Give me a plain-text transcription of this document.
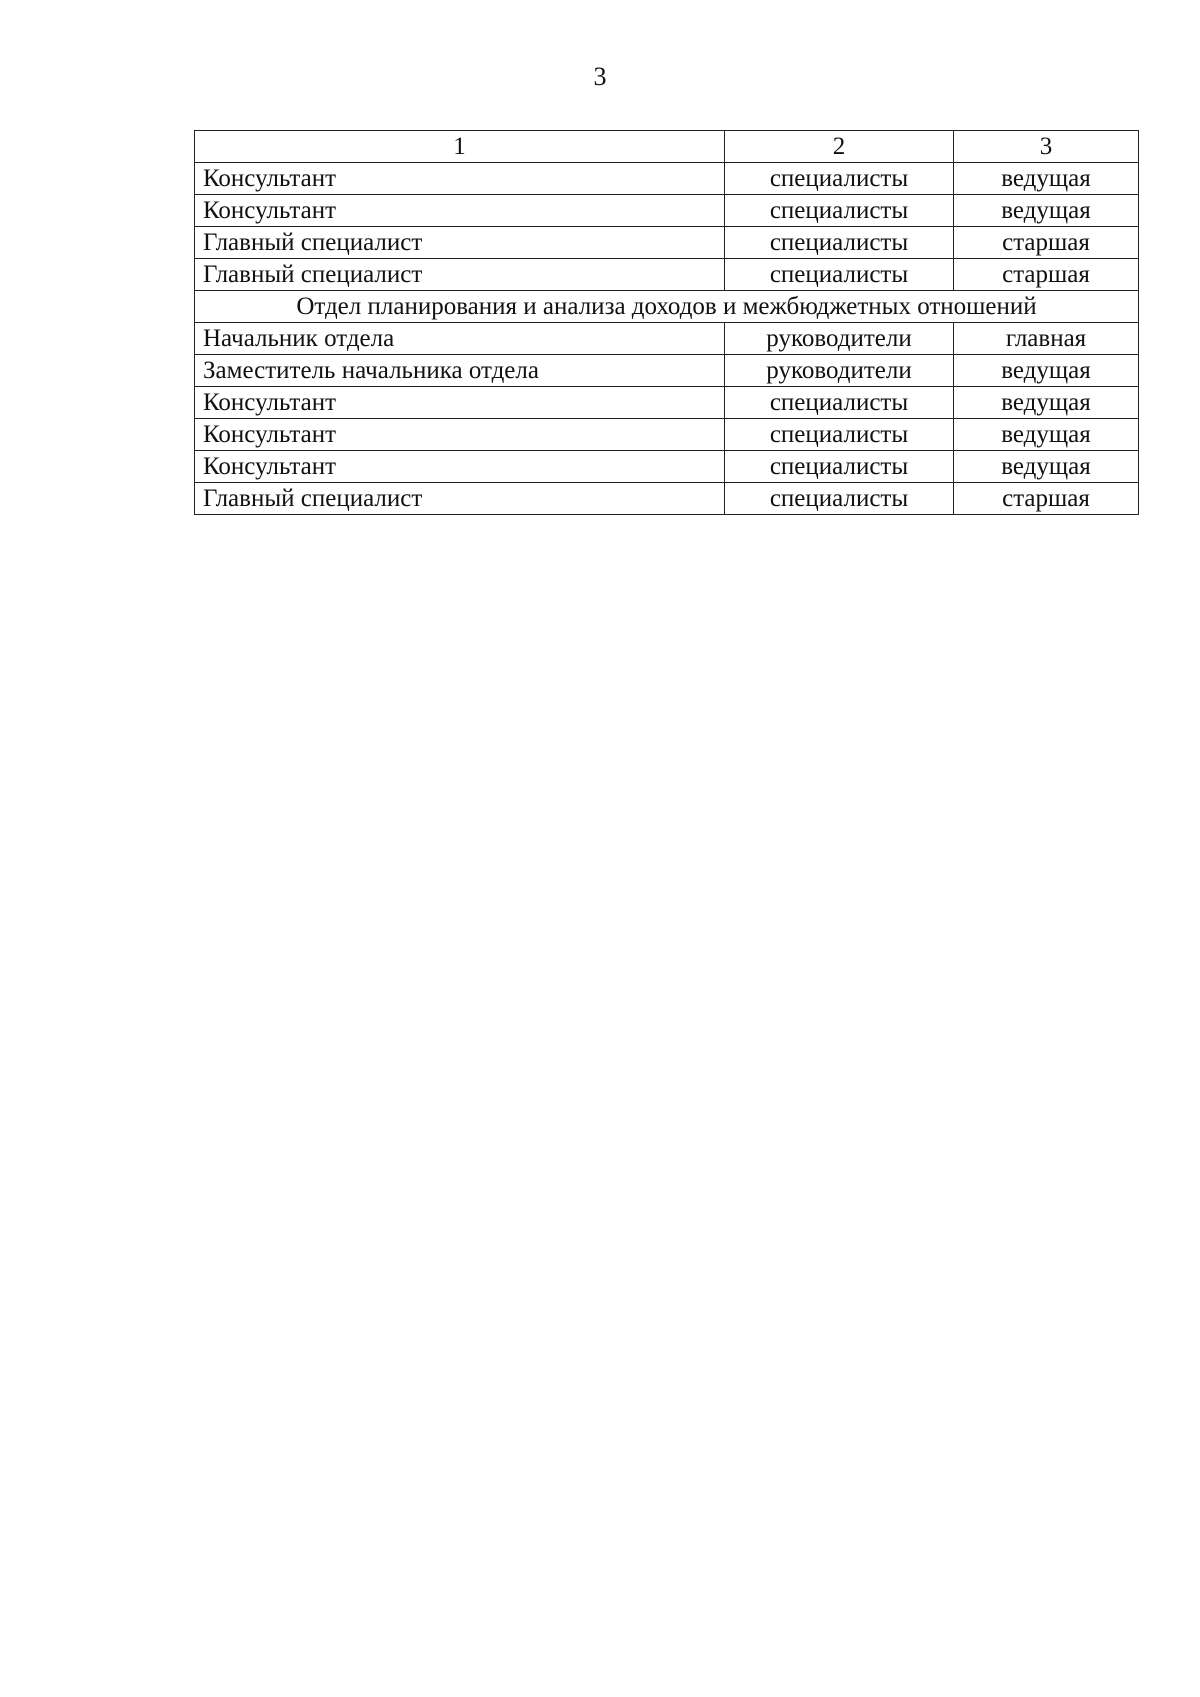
3
1	2	3
Консультант	специалисты	ведущая
Консультант	специалисты	ведущая
Главный специалист	специалисты	старшая
Главный специалист	специалисты	старшая
Отдел планирования и анализа доходов и межбюджетных отношений		
Начальник отдела	руководители	главная
Заместитель начальника отдела	руководители	ведущая
Консультант	специалисты	ведущая
Консультант	специалисты	ведущая
Консультант	специалисты	ведущая
Главный специалист	специалисты	старшая
